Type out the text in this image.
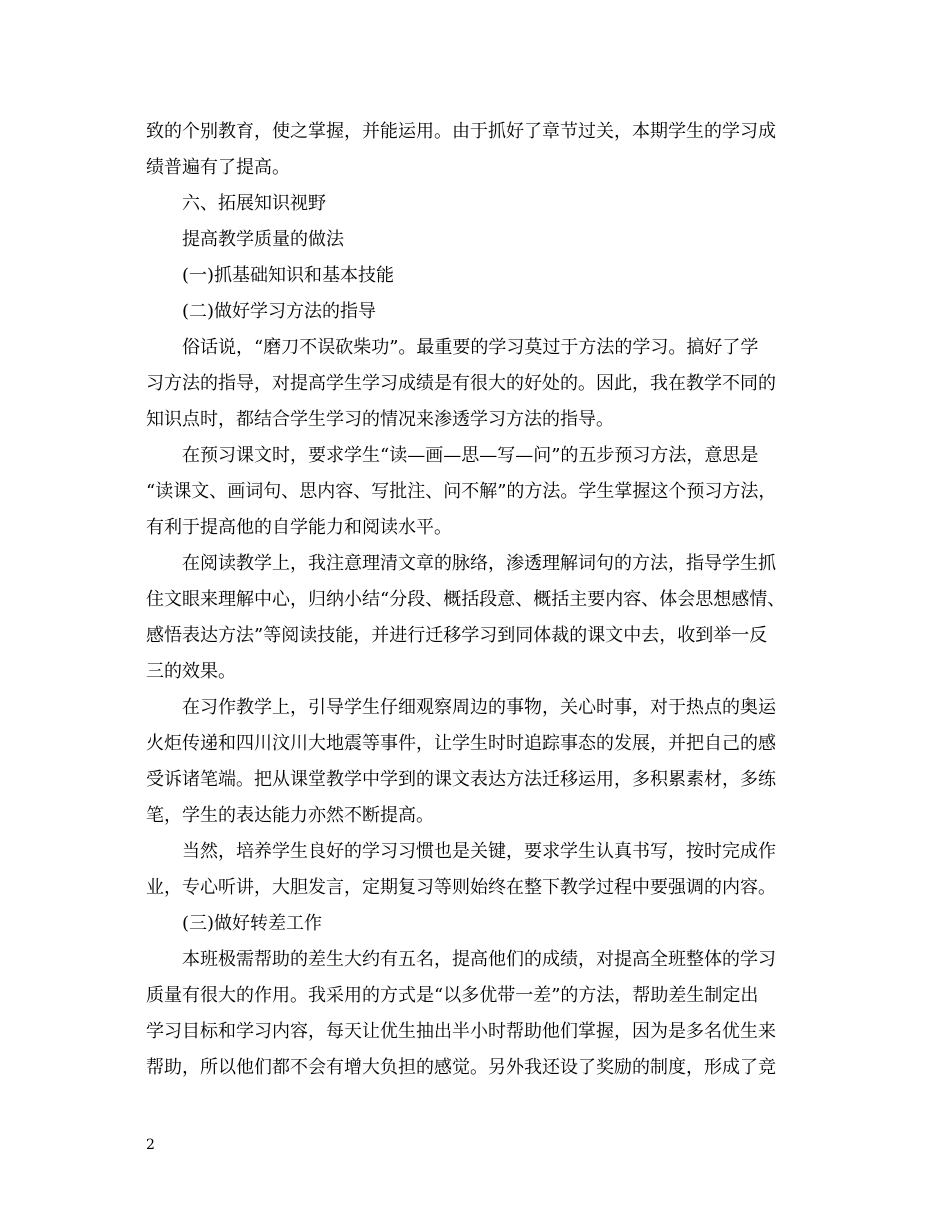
致的个别教育，使之掌握，并能运用。由于抓好了章节过关，本期学生的学习成
绩普遍有了提高。
六、拓展知识视野
提高教学质量的做法
(一)抓基础知识和基本技能
(二)做好学习方法的指导
俗话说，“磨刀不误砍柴功”。最重要的学习莫过于方法的学习。搞好了学
习方法的指导，对提高学生学习成绩是有很大的好处的。因此，我在教学不同的
知识点时，都结合学生学习的情况来渗透学习方法的指导。
在预习课文时，要求学生“读—画—思—写—问”的五步预习方法，意思是
“读课文、画词句、思内容、写批注、问不解”的方法。学生掌握这个预习方法，
有利于提高他的自学能力和阅读水平。
在阅读教学上，我注意理清文章的脉络，渗透理解词句的方法，指导学生抓
住文眼来理解中心，归纳小结“分段、概括段意、概括主要内容、体会思想感情、
感悟表达方法”等阅读技能，并进行迁移学习到同体裁的课文中去，收到举一反
三的效果。
在习作教学上，引导学生仔细观察周边的事物，关心时事，对于热点的奥运
火炬传递和四川汶川大地震等事件，让学生时时追踪事态的发展，并把自己的感
受诉诸笔端。把从课堂教学中学到的课文表达方法迁移运用，多积累素材，多练
笔，学生的表达能力亦然不断提高。
当然，培养学生良好的学习习惯也是关键，要求学生认真书写，按时完成作
业，专心听讲，大胆发言，定期复习等则始终在整下教学过程中要强调的内容。
(三)做好转差工作
本班极需帮助的差生大约有五名，提高他们的成绩，对提高全班整体的学习
质量有很大的作用。我采用的方式是“以多优带一差”的方法，帮助差生制定出
学习目标和学习内容，每天让优生抽出半小时帮助他们掌握，因为是多名优生来
帮助，所以他们都不会有增大负担的感觉。另外我还设了奖励的制度，形成了竞
2
